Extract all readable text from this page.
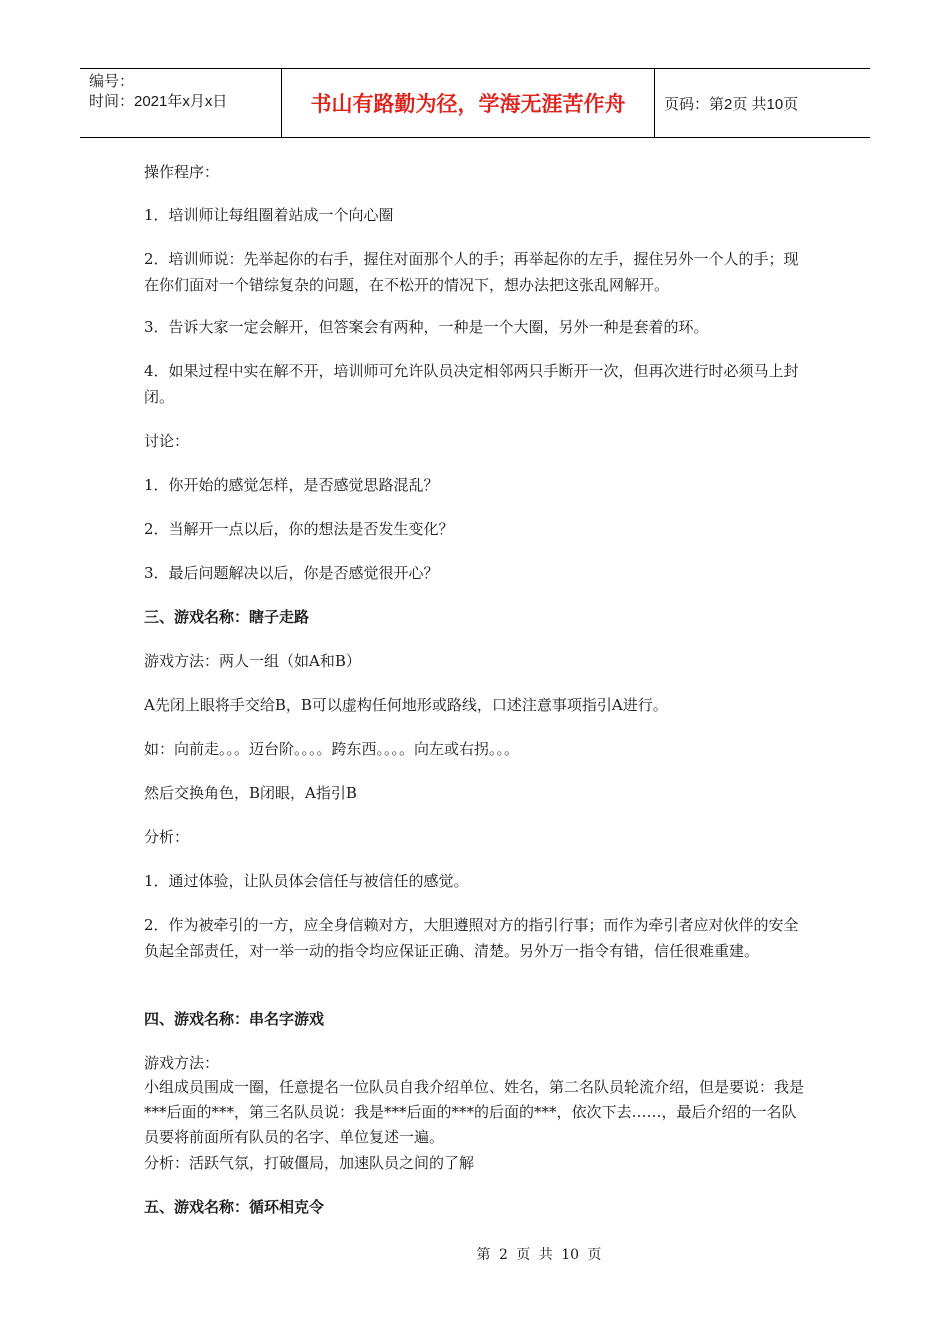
编号：
时间：2021年x月x日	书山有路勤为径，学海无涯苦作舟	页码：第2页 共10页
操作程序：
1．培训师让每组圈着站成一个向心圈
2．培训师说：先举起你的右手，握住对面那个人的手；再举起你的左手，握住另外一个人的手；现在你们面对一个错综复杂的问题，在不松开的情况下，想办法把这张乱网解开。
3．告诉大家一定会解开，但答案会有两种，一种是一个大圈，另外一种是套着的环。
4．如果过程中实在解不开，培训师可允许队员决定相邻两只手断开一次，但再次进行时必须马上封闭。
讨论：
1．你开始的感觉怎样，是否感觉思路混乱？
2．当解开一点以后，你的想法是否发生变化？
3．最后问题解决以后，你是否感觉很开心？
三、游戏名称：瞎子走路
游戏方法：两人一组（如A和B）
A先闭上眼将手交给B，B可以虚构任何地形或路线，口述注意事项指引A进行。
如：向前走。。。迈台阶。。。。跨东西。。。。向左或右拐。。。
然后交换角色，B闭眼，A指引B
分析：
1．通过体验，让队员体会信任与被信任的感觉。
2．作为被牵引的一方，应全身信赖对方，大胆遵照对方的指引行事；而作为牵引者应对伙伴的安全负起全部责任，对一举一动的指令均应保证正确、清楚。另外万一指令有错，信任很难重建。
四、游戏名称：串名字游戏
游戏方法：
小组成员围成一圈，任意提名一位队员自我介绍单位、姓名，第二名队员轮流介绍，但是要说：我是***后面的***，第三名队员说：我是***后面的***的后面的***，依次下去……，最后介绍的一名队员要将前面所有队员的名字、单位复述一遍。
分析：活跃气氛，打破僵局，加速队员之间的了解
五、游戏名称：循环相克令
第 2 页 共 10 页
